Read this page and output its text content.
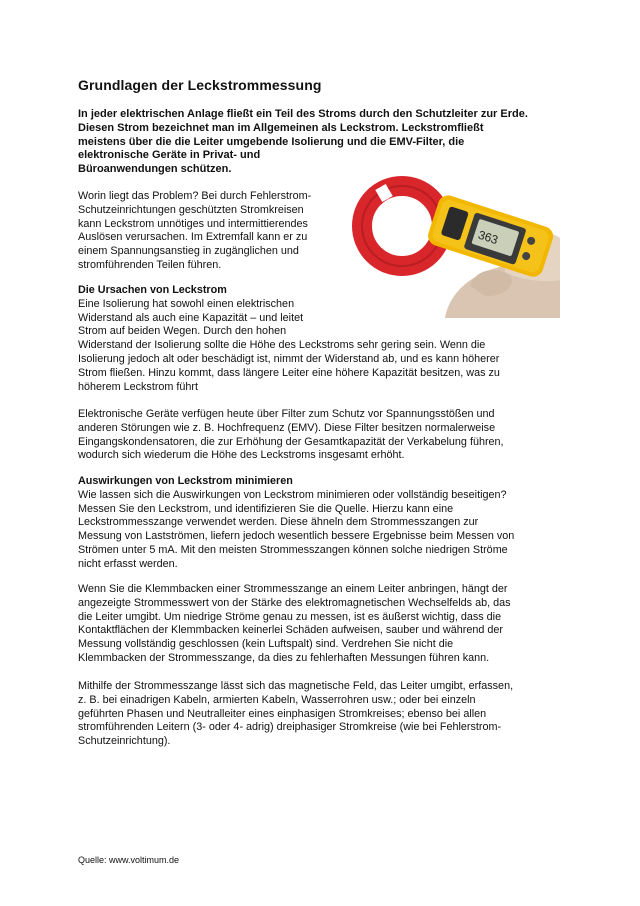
Grundlagen der Leckstrommessung
In jeder elektrischen Anlage fließt ein Teil des Stroms durch den Schutzleiter zur Erde.
Diesen Strom bezeichnet man im Allgemeinen als Leckstrom. Leckstromfließt
meistens über die die Leiter umgebende Isolierung und die EMV-Filter, die
elektronische Geräte in Privat- und
Büroanwendungen schützen.

Worin liegt das Problem? Bei durch Fehlerstrom-
Schutzeinrichtungen geschützten Stromkreisen
kann Leckstrom unnötiges und intermittierendes
Auslösen verursachen. Im Extremfall kann er zu
einem Spannungsanstieg in zugänglichen und
stromführenden Teilen führen.

363

Die Ursachen von Leckstrom

Eine Isolierung hat sowohl einen elektrischen
Widerstand als auch eine Kapazität – und leitet
Strom auf beiden Wegen. Durch den hohen
Widerstand der Isolierung sollte die Höhe des Leckstroms sehr gering sein. Wenn die
Isolierung jedoch alt oder beschädigt ist, nimmt der Widerstand ab, und es kann höherer
Strom fließen. Hinzu kommt, dass längere Leiter eine höhere Kapazität besitzen, was zu
höherem Leckstrom führt

Elektronische Geräte verfügen heute über Filter zum Schutz vor Spannungsstößen und
anderen Störungen wie z. B. Hochfrequenz (EMV). Diese Filter besitzen normalerweise
Eingangskondensatoren, die zur Erhöhung der Gesamtkapazität der Verkabelung führen,
wodurch sich wiederum die Höhe des Leckstroms insgesamt erhöht.

Auswirkungen von Leckstrom minimieren

Wie lassen sich die Auswirkungen von Leckstrom minimieren oder vollständig beseitigen?
Messen Sie den Leckstrom, und identifizieren Sie die Quelle. Hierzu kann eine
Leckstrommesszange verwendet werden. Diese ähneln dem Strommesszangen zur
Messung von Lastströmen, liefern jedoch wesentlich bessere Ergebnisse beim Messen von
Strömen unter 5 mA. Mit den meisten Strommesszangen können solche niedrigen Ströme
nicht erfasst werden.

Wenn Sie die Klemmbacken einer Strommesszange an einem Leiter anbringen, hängt der
angezeigte Strommesswert von der Stärke des elektromagnetischen Wechselfelds ab, das
die Leiter umgibt. Um niedrige Ströme genau zu messen, ist es äußerst wichtig, dass die
Kontaktflächen der Klemmbacken keinerlei Schäden aufweisen, sauber und während der
Messung vollständig geschlossen (kein Luftspalt) sind. Verdrehen Sie nicht die
Klemmbacken der Strommesszange, da dies zu fehlerhaften Messungen führen kann.

Mithilfe der Strommesszange lässt sich das magnetische Feld, das Leiter umgibt, erfassen,
z. B. bei einadrigen Kabeln, armierten Kabeln, Wasserrohren usw.; oder bei einzeln
geführten Phasen und Neutralleiter eines einphasigen Stromkreises; ebenso bei allen
stromführenden Leitern (3- oder 4- adrig) dreiphasiger Stromkreise (wie bei Fehlerstrom-
Schutzeinrichtung).

Quelle: www.voltimum.de
